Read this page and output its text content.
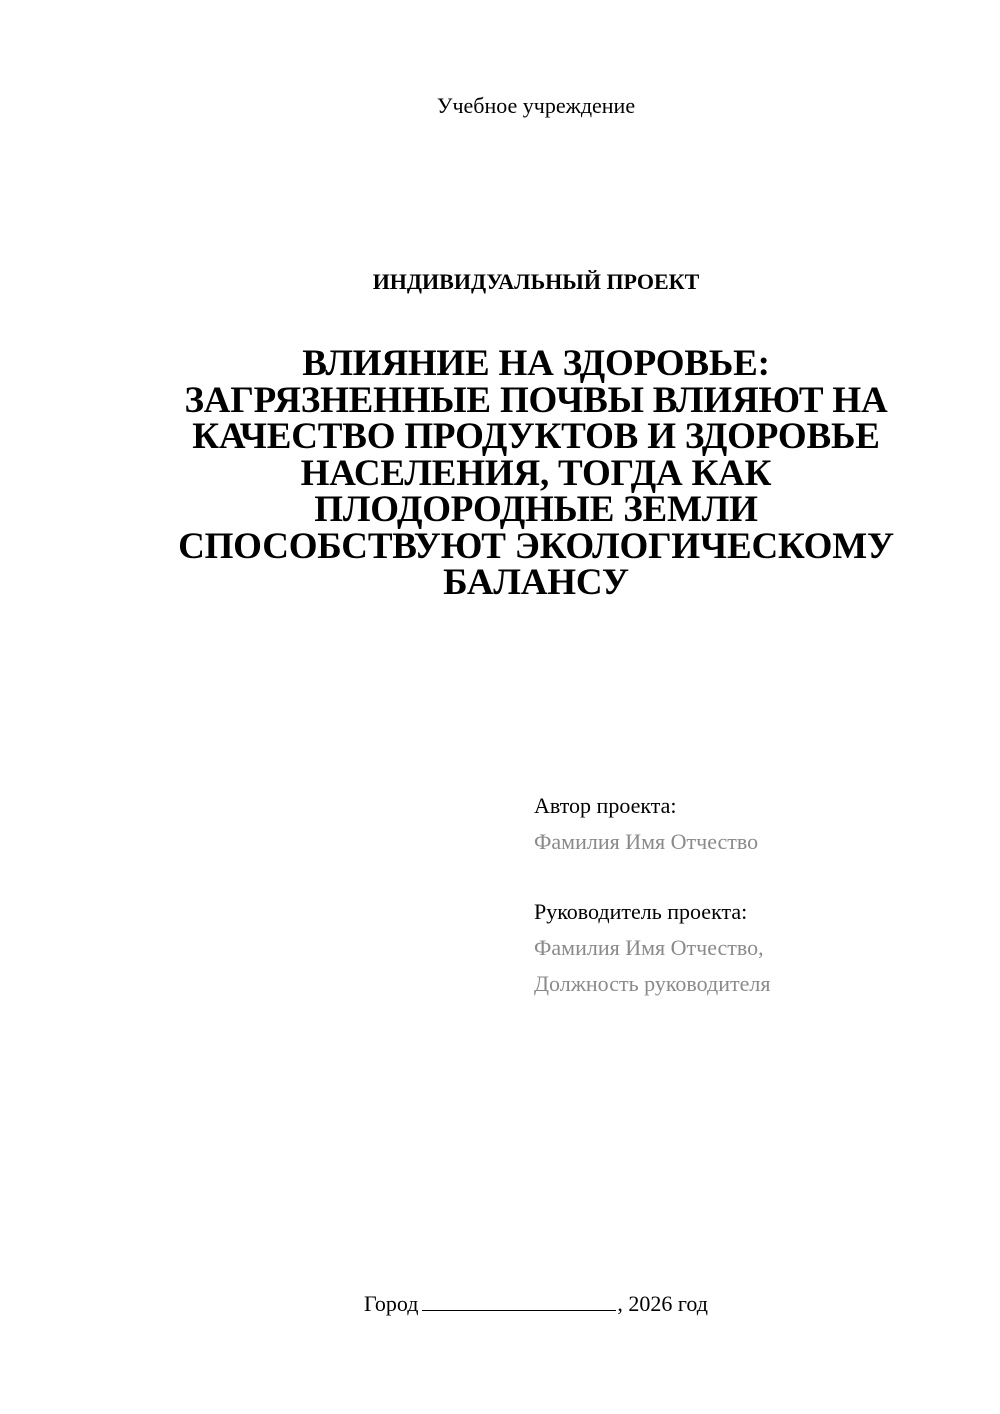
Учебное учреждение
ИНДИВИДУАЛЬНЫЙ ПРОЕКТ
ВЛИЯНИЕ НА ЗДОРОВЬЕ: ЗАГРЯЗНЕННЫЕ ПОЧВЫ ВЛИЯЮТ НА КАЧЕСТВО ПРОДУКТОВ И ЗДОРОВЬЕ НАСЕЛЕНИЯ, ТОГДА КАК ПЛОДОРОДНЫЕ ЗЕМЛИ СПОСОБСТВУЮТ ЭКОЛОГИЧЕСКОМУ БАЛАНСУ
Автор проекта:
Фамилия Имя Отчество
Руководитель проекта:
Фамилия Имя Отчество,
Должность руководителя
Город	, 2026 год
